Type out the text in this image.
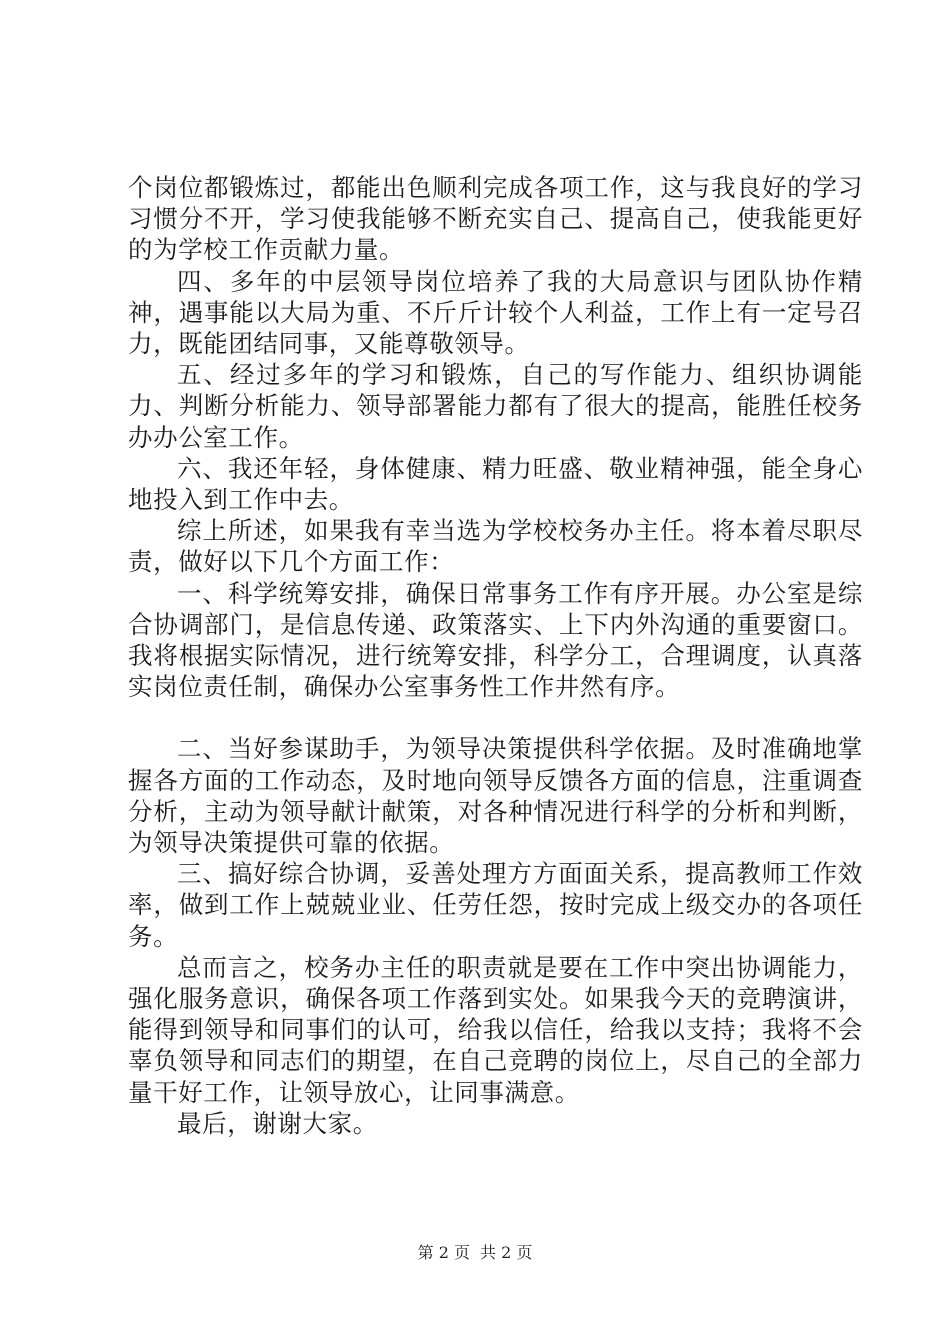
个岗位都锻炼过，都能出色顺利完成各项工作，这与我良好的学习习惯分不开，学习使我能够不断充实自己、提高自己，使我能更好的为学校工作贡献力量。

四、多年的中层领导岗位培养了我的大局意识与团队协作精神，遇事能以大局为重、不斤斤计较个人利益，工作上有一定号召力，既能团结同事，又能尊敬领导。

五、经过多年的学习和锻炼，自己的写作能力、组织协调能力、判断分析能力、领导部署能力都有了很大的提高，能胜任校务办办公室工作。

六、我还年轻，身体健康、精力旺盛、敬业精神强，能全身心地投入到工作中去。

综上所述，如果我有幸当选为学校校务办主任。将本着尽职尽责，做好以下几个方面工作：

一、科学统筹安排，确保日常事务工作有序开展。办公室是综合协调部门，是信息传递、政策落实、上下内外沟通的重要窗口。我将根据实际情况，进行统筹安排，科学分工，合理调度，认真落实岗位责任制，确保办公室事务性工作井然有序。

二、当好参谋助手，为领导决策提供科学依据。及时准确地掌握各方面的工作动态，及时地向领导反馈各方面的信息，注重调查分析，主动为领导献计献策，对各种情况进行科学的分析和判断，为领导决策提供可靠的依据。

三、搞好综合协调，妥善处理方方面面关系，提高教师工作效率，做到工作上兢兢业业、任劳任怨，按时完成上级交办的各项任务。

总而言之，校务办主任的职责就是要在工作中突出协调能力，强化服务意识，确保各项工作落到实处。如果我今天的竞聘演讲，能得到领导和同事们的认可，给我以信任，给我以支持；我将不会辜负领导和同志们的期望，在自己竞聘的岗位上，尽自己的全部力量干好工作，让领导放心，让同事满意。

最后，谢谢大家。

第 2 页 共 2 页
